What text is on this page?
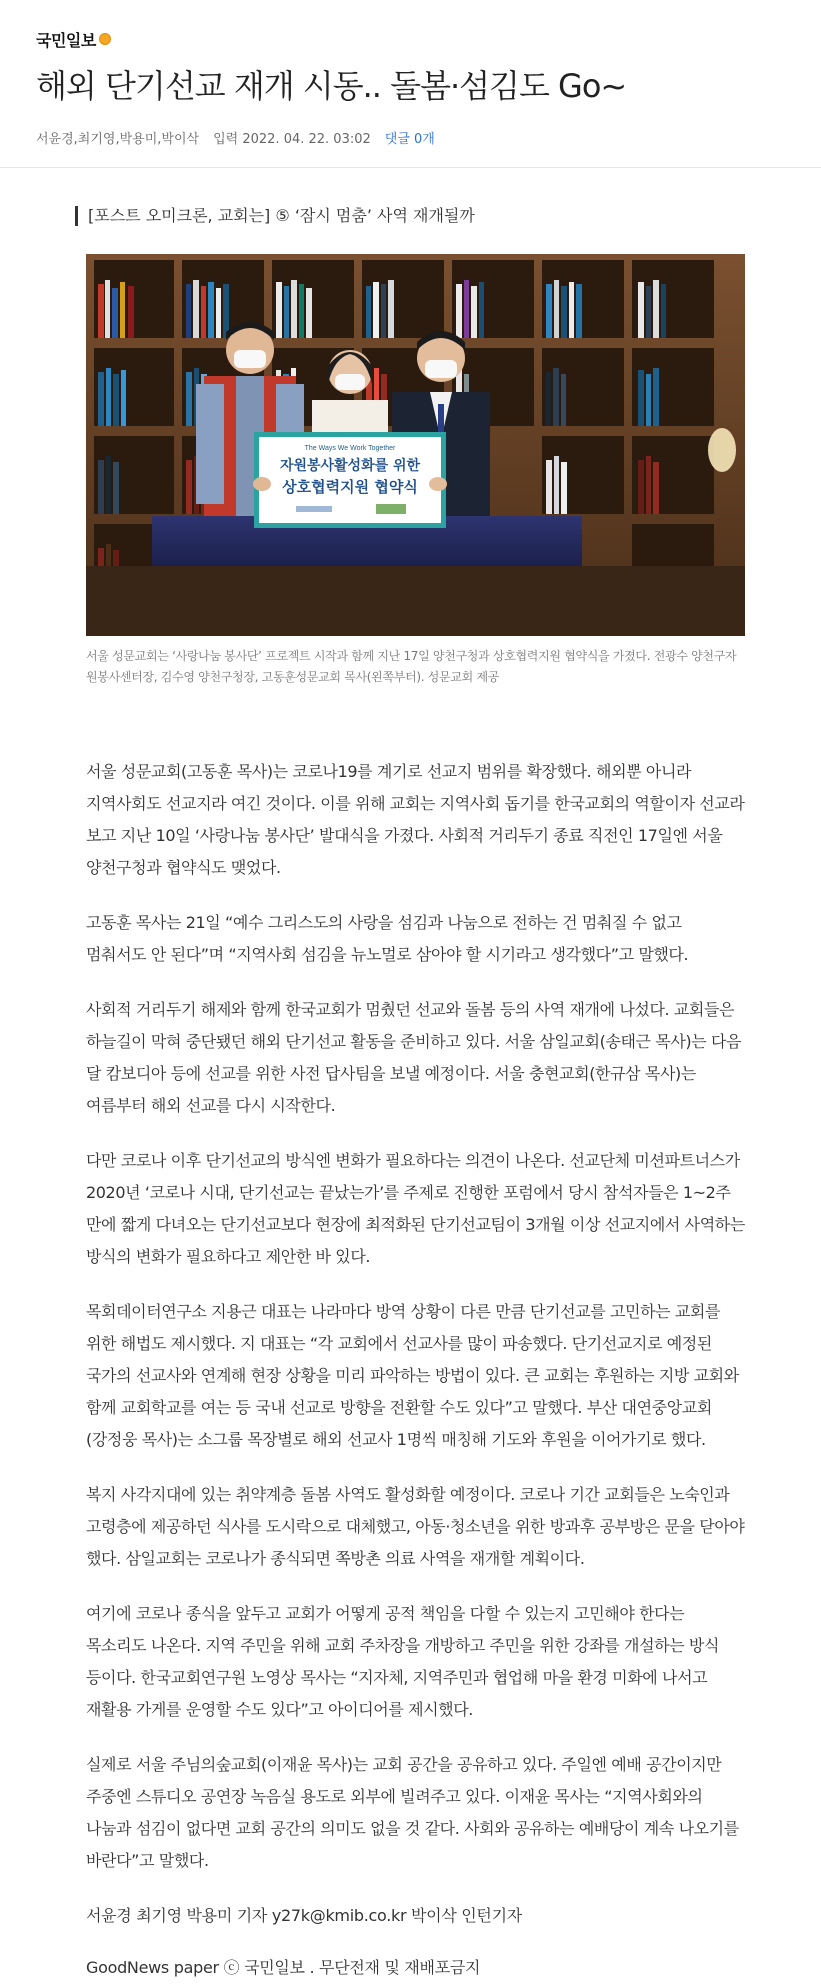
국민일보
해외 단기선교 재개 시동.. 돌봄·섬김도 Go~
서윤경,최기영,박용미,박이삭 입력 2022. 04. 22. 03:02 댓글 0개
[포스트 오미크론, 교회는] ⑤ ‘잠시 멈춤’ 사역 재개될까
The Ways We Work Together
자원봉사활성화를 위한
상호협력지원 협약식
서울 성문교회는 ‘사랑나눔 봉사단’ 프로젝트 시작과 함께 지난 17일 양천구청과 상호협력지원 협약식을 가졌다. 전광수 양천구자원봉사센터장, 김수영 양천구청장, 고동훈성문교회 목사(왼쪽부터). 성문교회 제공

서울 성문교회(고동훈 목사)는 코로나19를 계기로 선교지 범위를 확장했다. 해외뿐 아니라 지역사회도 선교지라 여긴 것이다. 이를 위해 교회는 지역사회 돕기를 한국교회의 역할이자 선교라 보고 지난 10일 ‘사랑나눔 봉사단’ 발대식을 가졌다. 사회적 거리두기 종료 직전인 17일엔 서울 양천구청과 협약식도 맺었다.

고동훈 목사는 21일 “예수 그리스도의 사랑을 섬김과 나눔으로 전하는 건 멈춰질 수 없고 멈춰서도 안 된다”며 “지역사회 섬김을 뉴노멀로 삼아야 할 시기라고 생각했다”고 말했다.

사회적 거리두기 해제와 함께 한국교회가 멈췄던 선교와 돌봄 등의 사역 재개에 나섰다. 교회들은 하늘길이 막혀 중단됐던 해외 단기선교 활동을 준비하고 있다. 서울 삼일교회(송태근 목사)는 다음 달 캄보디아 등에 선교를 위한 사전 답사팀을 보낼 예정이다. 서울 충현교회(한규삼 목사)는 여름부터 해외 선교를 다시 시작한다.

다만 코로나 이후 단기선교의 방식엔 변화가 필요하다는 의견이 나온다. 선교단체 미션파트너스가 2020년 ‘코로나 시대, 단기선교는 끝났는가’를 주제로 진행한 포럼에서 당시 참석자들은 1~2주 만에 짧게 다녀오는 단기선교보다 현장에 최적화된 단기선교팀이 3개월 이상 선교지에서 사역하는 방식의 변화가 필요하다고 제안한 바 있다.

목회데이터연구소 지용근 대표는 나라마다 방역 상황이 다른 만큼 단기선교를 고민하는 교회를 위한 해법도 제시했다. 지 대표는 “각 교회에서 선교사를 많이 파송했다. 단기선교지로 예정된 국가의 선교사와 연계해 현장 상황을 미리 파악하는 방법이 있다. 큰 교회는 후원하는 지방 교회와 함께 교회학교를 여는 등 국내 선교로 방향을 전환할 수도 있다”고 말했다. 부산 대연중앙교회(강정웅 목사)는 소그룹 목장별로 해외 선교사 1명씩 매칭해 기도와 후원을 이어가기로 했다.

복지 사각지대에 있는 취약계층 돌봄 사역도 활성화할 예정이다. 코로나 기간 교회들은 노숙인과 고령층에 제공하던 식사를 도시락으로 대체했고, 아동·청소년을 위한 방과후 공부방은 문을 닫아야 했다. 삼일교회는 코로나가 종식되면 쪽방촌 의료 사역을 재개할 계획이다.

여기에 코로나 종식을 앞두고 교회가 어떻게 공적 책임을 다할 수 있는지 고민해야 한다는 목소리도 나온다. 지역 주민을 위해 교회 주차장을 개방하고 주민을 위한 강좌를 개설하는 방식 등이다. 한국교회연구원 노영상 목사는 “지자체, 지역주민과 협업해 마을 환경 미화에 나서고 재활용 가게를 운영할 수도 있다”고 아이디어를 제시했다.

실제로 서울 주님의숲교회(이재윤 목사)는 교회 공간을 공유하고 있다. 주일엔 예배 공간이지만 주중엔 스튜디오 공연장 녹음실 용도로 외부에 빌려주고 있다. 이재윤 목사는 “지역사회와의 나눔과 섬김이 없다면 교회 공간의 의미도 없을 것 같다. 사회와 공유하는 예배당이 계속 나오기를 바란다”고 말했다.

서윤경 최기영 박용미 기자 y27k@kmib.co.kr 박이삭 인턴기자
GoodNews paper ⓒ 국민일보 . 무단전재 및 재배포금지
